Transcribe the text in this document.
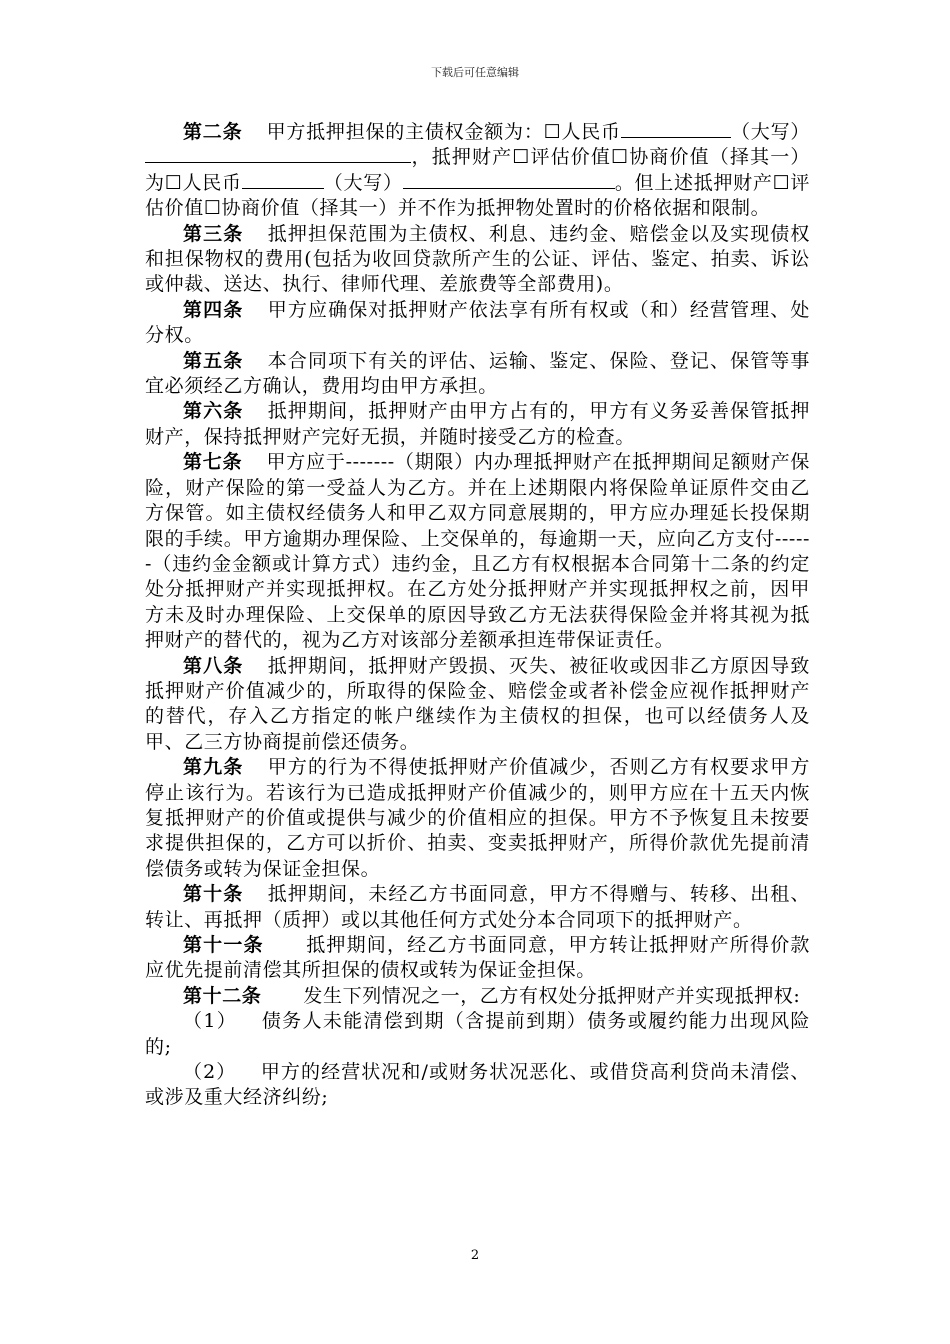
下载后可任意编辑

第二条 甲方抵押担保的主债权金额为：☐人民币	（大写），抵押财产☐评估价值☐协商价值（择其一）为☐人民币	（大写）	。但上述抵押财产☐评估价值☐协商价值（择其一）并不作为抵押物处置时的价格依据和限制。

第三条 抵押担保范围为主债权、利息、违约金、赔偿金以及实现债权和担保物权的费用(包括为收回贷款所产生的公证、评估、鉴定、拍卖、诉讼或仲裁、送达、执行、律师代理、差旅费等全部费用)。

第四条 甲方应确保对抵押财产依法享有所有权或（和）经营管理、处分权。

第五条 本合同项下有关的评估、运输、鉴定、保险、登记、保管等事宜必须经乙方确认，费用均由甲方承担。

第六条 抵押期间，抵押财产由甲方占有的，甲方有义务妥善保管抵押财产，保持抵押财产完好无损，并随时接受乙方的检查。

第七条 甲方应于-------（期限）内办理抵押财产在抵押期间足额财产保险，财产保险的第一受益人为乙方。并在上述期限内将保险单证原件交由乙方保管。如主债权经债务人和甲乙双方同意展期的，甲方应办理延长投保期限的手续。甲方逾期办理保险、上交保单的，每逾期一天，应向乙方支付------（违约金金额或计算方式）违约金，且乙方有权根据本合同第十二条的约定处分抵押财产并实现抵押权。在乙方处分抵押财产并实现抵押权之前，因甲方未及时办理保险、上交保单的原因导致乙方无法获得保险金并将其视为抵押财产的替代的，视为乙方对该部分差额承担连带保证责任。

第八条 抵押期间，抵押财产毁损、灭失、被征收或因非乙方原因导致抵押财产价值减少的，所取得的保险金、赔偿金或者补偿金应视作抵押财产的替代，存入乙方指定的帐户继续作为主债权的担保，也可以经债务人及甲、乙三方协商提前偿还债务。

第九条 甲方的行为不得使抵押财产价值减少，否则乙方有权要求甲方停止该行为。若该行为已造成抵押财产价值减少的，则甲方应在十五天内恢复抵押财产的价值或提供与减少的价值相应的担保。甲方不予恢复且未按要求提供担保的，乙方可以折价、拍卖、变卖抵押财产，所得价款优先提前清偿债务或转为保证金担保。

第十条 抵押期间，未经乙方书面同意，甲方不得赠与、转移、出租、转让、再抵押（质押）或以其他任何方式处分本合同项下的抵押财产。

第十一条 抵押期间，经乙方书面同意，甲方转让抵押财产所得价款应优先提前清偿其所担保的债权或转为保证金担保。

第十二条 发生下列情况之一，乙方有权处分抵押财产并实现抵押权:

（1） 债务人未能清偿到期（含提前到期）债务或履约能力出现风险的;

（2） 甲方的经营状况和/或财务状况恶化、或借贷高利贷尚未清偿、或涉及重大经济纠纷;

2
